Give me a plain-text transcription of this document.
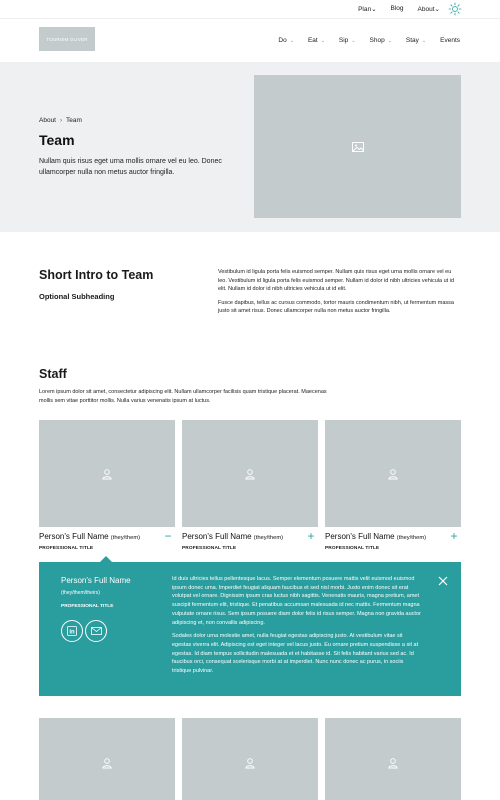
Plan⌄ Blog About⌄
TOURISM OLIVER	Do ⌄ Eat ⌄ Sip ⌄ Shop ⌄ Stay ⌄ Events
About › Team
Team

Nullam quis risus eget urna mollis ornare vel eu leo. Donec ullamcorper nulla non metus auctor fringilla.

Short Intro to Team
Optional Subheading

Vestibulum id ligula porta felis euismod semper. Nullam quis risus eget urna mollis ornare vel eu leo. Vestibulum id ligula porta felis euismod semper. Nullam id dolor id nibh ultricies vehicula ut id elit. Nullam id dolor id nibh ultricies vehicula ut id elit.

Fusce dapibus, tellus ac cursus commodo, tortor mauris condimentum nibh, ut fermentum massa justo sit amet risus. Donec ullamcorper nulla non metus auctor fringilla.

Staff

Lorem ipsum dolor sit amet, consectetur adipiscing elit. Nullam ullamcorper facilisis quam tristique placerat. Maecenas mollis sem vitae porttitor mollis. Nulla varius venenatis ipsum at luctus.

Person's Full Name (they/them)
PROFESSIONAL TITLE
− Person's Full Name (they/them)
PROFESSIONAL TITLE
+ Person's Full Name (they/them)
PROFESSIONAL TITLE
+
Person's Full Name
(they/them/theirs)
PROFESSIONAL TITLE
in

Id duis ultricies tellus pellentesque lacus. Semper elementum posuere mattis velit euismod euismod ipsum donec urna. Imperdiet feugiat aliquam faucibus et sed nisl morbi. Justo enim donec sit erat volutpat vel ornare. Dignissim ipsum cras luctus nibh sagittis. Venenatis mauris, magna pretium, amet suscipit fermentum elit, tristique. Et penatibus accumsan malesuada id nec mattis. Fermentum magna vulputate ornare risus. Sem ipsum posuere diam dolor felis id risus semper. Magna non gravida auctor adipiscing et, non convallis adipiscing.

Sodales dolor urna molestie amet, nulla feugiat egestas adipiscing justo. At vestibulum vitae sit egestas viverra elit. Adipiscing est eget integer vel lacus justo. Eu ornare pretium suspendisse a sit at egestas. Id diam tempus sollicitudin malesuada et et habitasse id. Sit felis habitant varius sed ac. Id faucibus orci, consequat scelerisque morbi at at imperdiet. Nunc nunc donec ac purus, in sociis tristique pulvinar.
